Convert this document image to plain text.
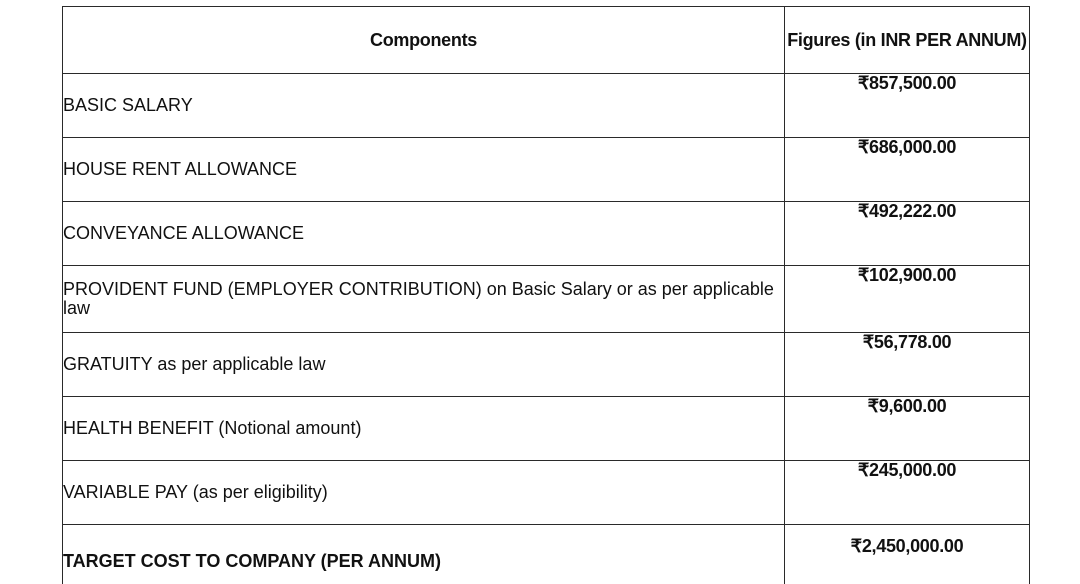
Components	Figures (in INR PER ANNUM)
BASIC SALARY	₹857,500.00
HOUSE RENT ALLOWANCE	₹686,000.00
CONVEYANCE ALLOWANCE	₹492,222.00
PROVIDENT FUND (EMPLOYER CONTRIBUTION) on Basic Salary or as per applicable law	₹102,900.00
GRATUITY as per applicable law	₹56,778.00
HEALTH BENEFIT (Notional amount)	₹9,600.00
VARIABLE PAY (as per eligibility)	₹245,000.00
TARGET COST TO COMPANY (PER ANNUM)	₹2,450,000.00
